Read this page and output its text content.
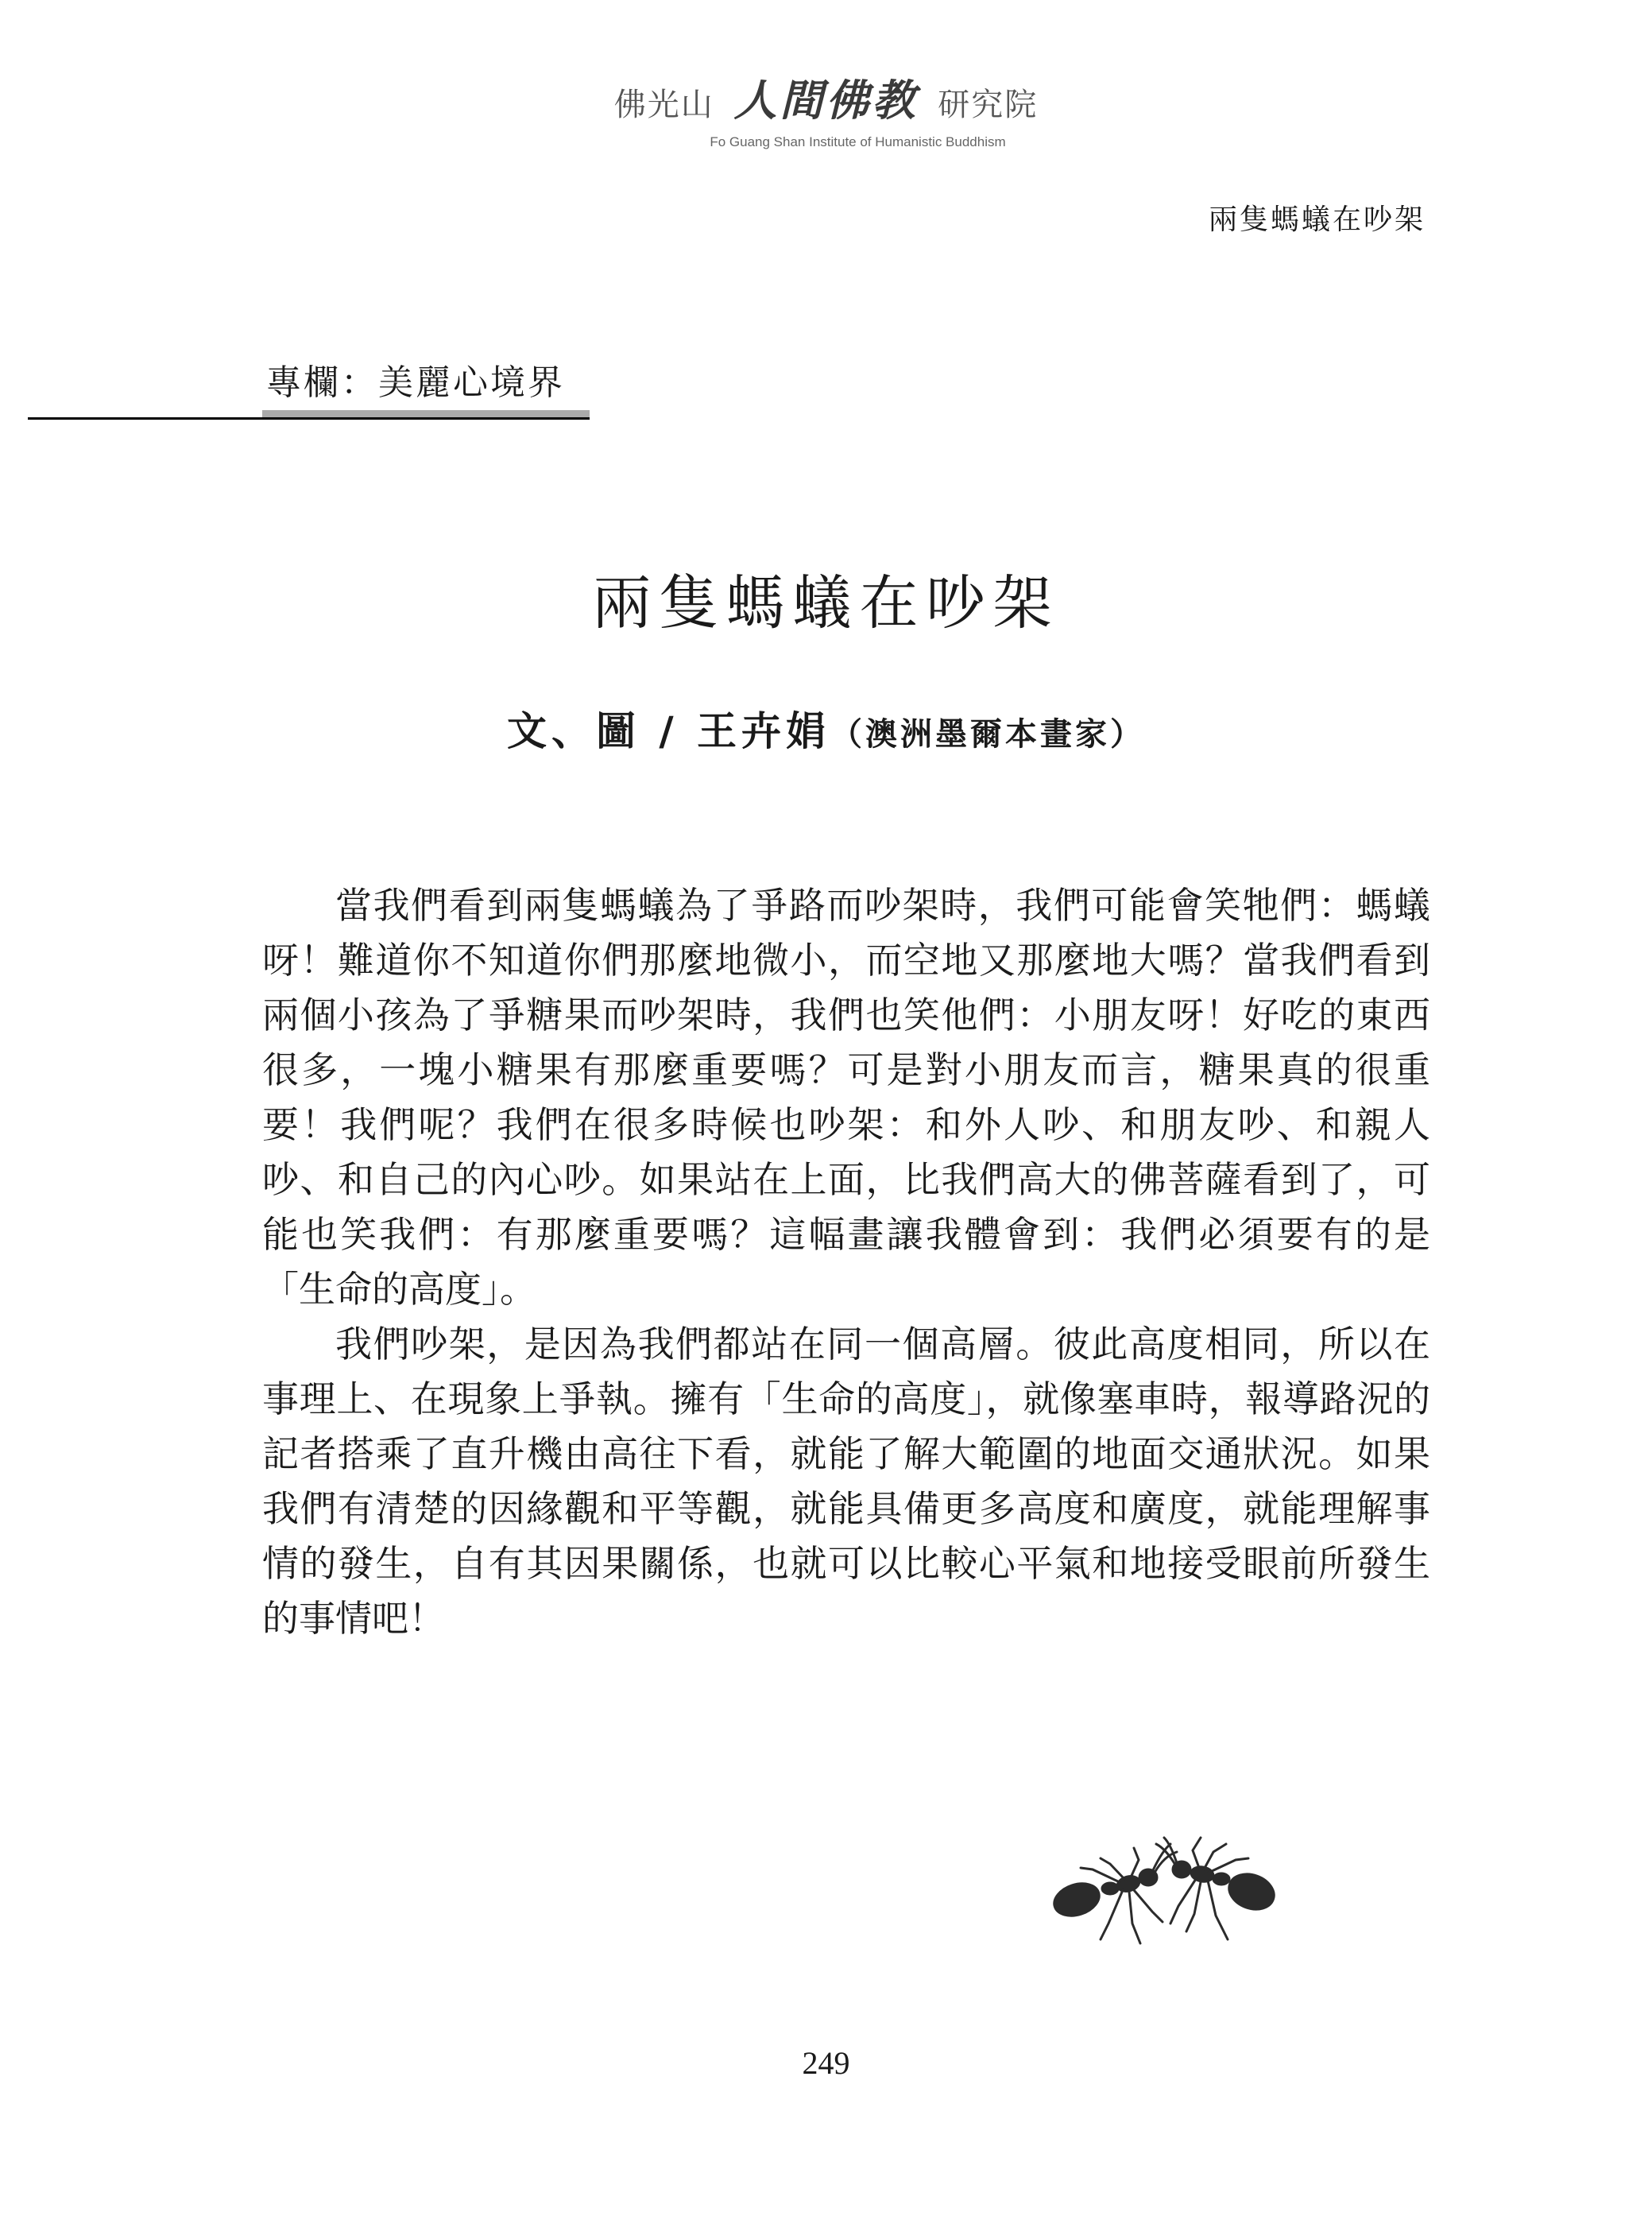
佛光山 人間佛教 研究院
Fo Guang Shan Institute of Humanistic Buddhism
兩隻螞蟻在吵架
專欄：美麗心境界
兩隻螞蟻在吵架
文、圖 / 王卉娟（澳洲墨爾本畫家）

當我們看到兩隻螞蟻為了爭路而吵架時，我們可能會笑牠們：螞蟻呀！難道你不知道你們那麼地微小，而空地又那麼地大嗎？當我們看到兩個小孩為了爭糖果而吵架時，我們也笑他們：小朋友呀！好吃的東西很多，一塊小糖果有那麼重要嗎？可是對小朋友而言，糖果真的很重要！我們呢？我們在很多時候也吵架：和外人吵、和朋友吵、和親人吵、和自己的內心吵。如果站在上面，比我們高大的佛菩薩看到了，可能也笑我們：有那麼重要嗎？這幅畫讓我體會到：我們必須要有的是「生命的高度」。

我們吵架，是因為我們都站在同一個高層。彼此高度相同，所以在事理上、在現象上爭執。擁有「生命的高度」，就像塞車時，報導路況的記者搭乘了直升機由高往下看，就能了解大範圍的地面交通狀況。如果我們有清楚的因緣觀和平等觀，就能具備更多高度和廣度，就能理解事情的發生，自有其因果關係，也就可以比較心平氣和地接受眼前所發生的事情吧！

249
